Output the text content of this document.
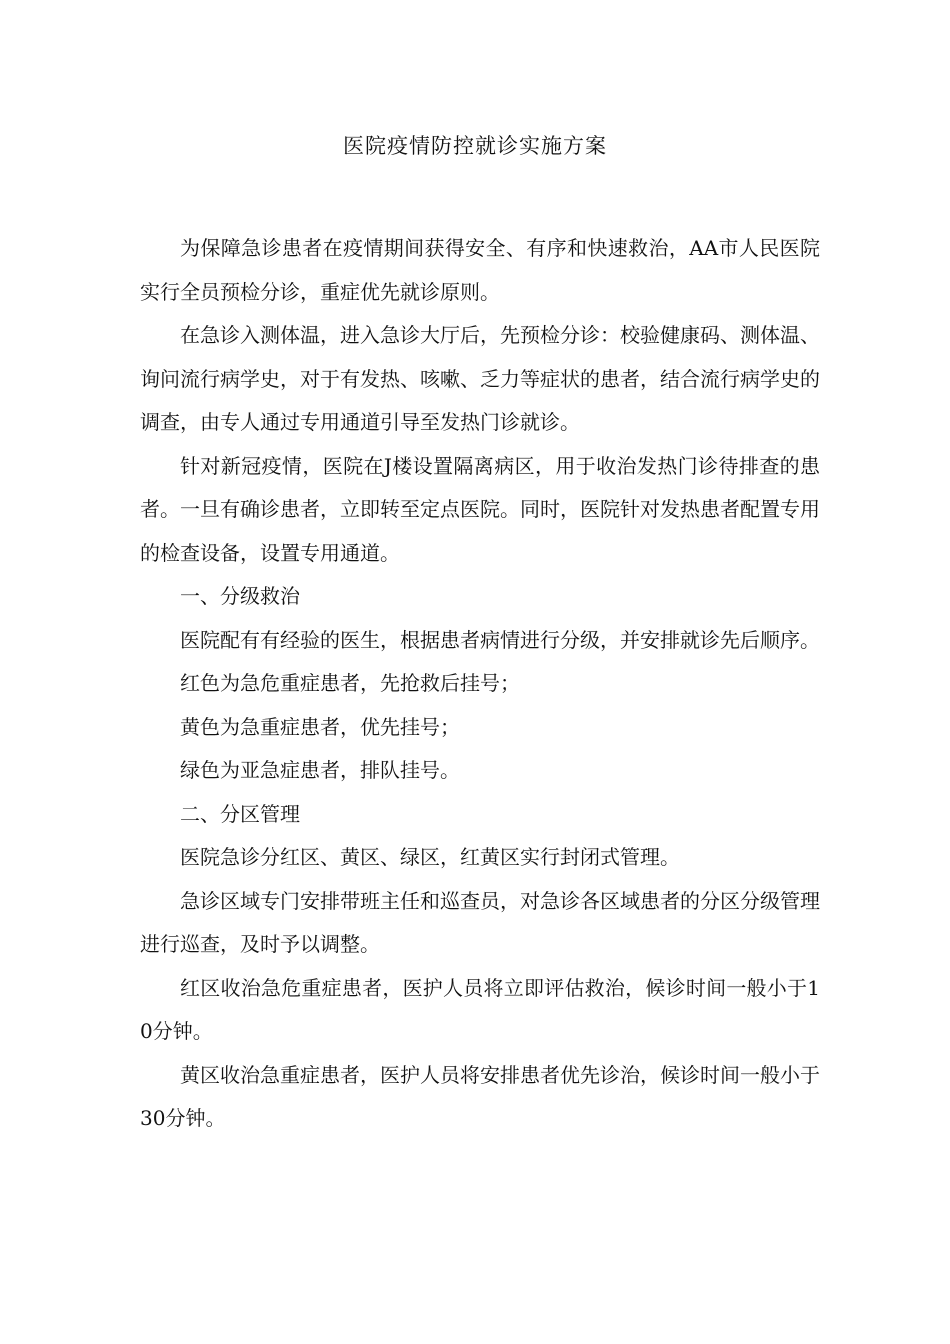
医院疫情防控就诊实施方案

为保障急诊患者在疫情期间获得安全、有序和快速救治，AA市人民医院实行全员预检分诊，重症优先就诊原则。

在急诊入测体温，进入急诊大厅后，先预检分诊：校验健康码、测体温、询问流行病学史，对于有发热、咳嗽、乏力等症状的患者，结合流行病学史的调查，由专人通过专用通道引导至发热门诊就诊。

针对新冠疫情，医院在J楼设置隔离病区，用于收治发热门诊待排查的患者。一旦有确诊患者，立即转至定点医院。同时，医院针对发热患者配置专用的检查设备，设置专用通道。

一、分级救治

医院配有有经验的医生，根据患者病情进行分级，并安排就诊先后顺序。

红色为急危重症患者，先抢救后挂号；

黄色为急重症患者，优先挂号；

绿色为亚急症患者，排队挂号。

二、分区管理

医院急诊分红区、黄区、绿区，红黄区实行封闭式管理。

急诊区域专门安排带班主任和巡查员，对急诊各区域患者的分区分级管理进行巡查，及时予以调整。

红区收治急危重症患者，医护人员将立即评估救治，候诊时间一般小于10分钟。

黄区收治急重症患者，医护人员将安排患者优先诊治，候诊时间一般小于30分钟。
